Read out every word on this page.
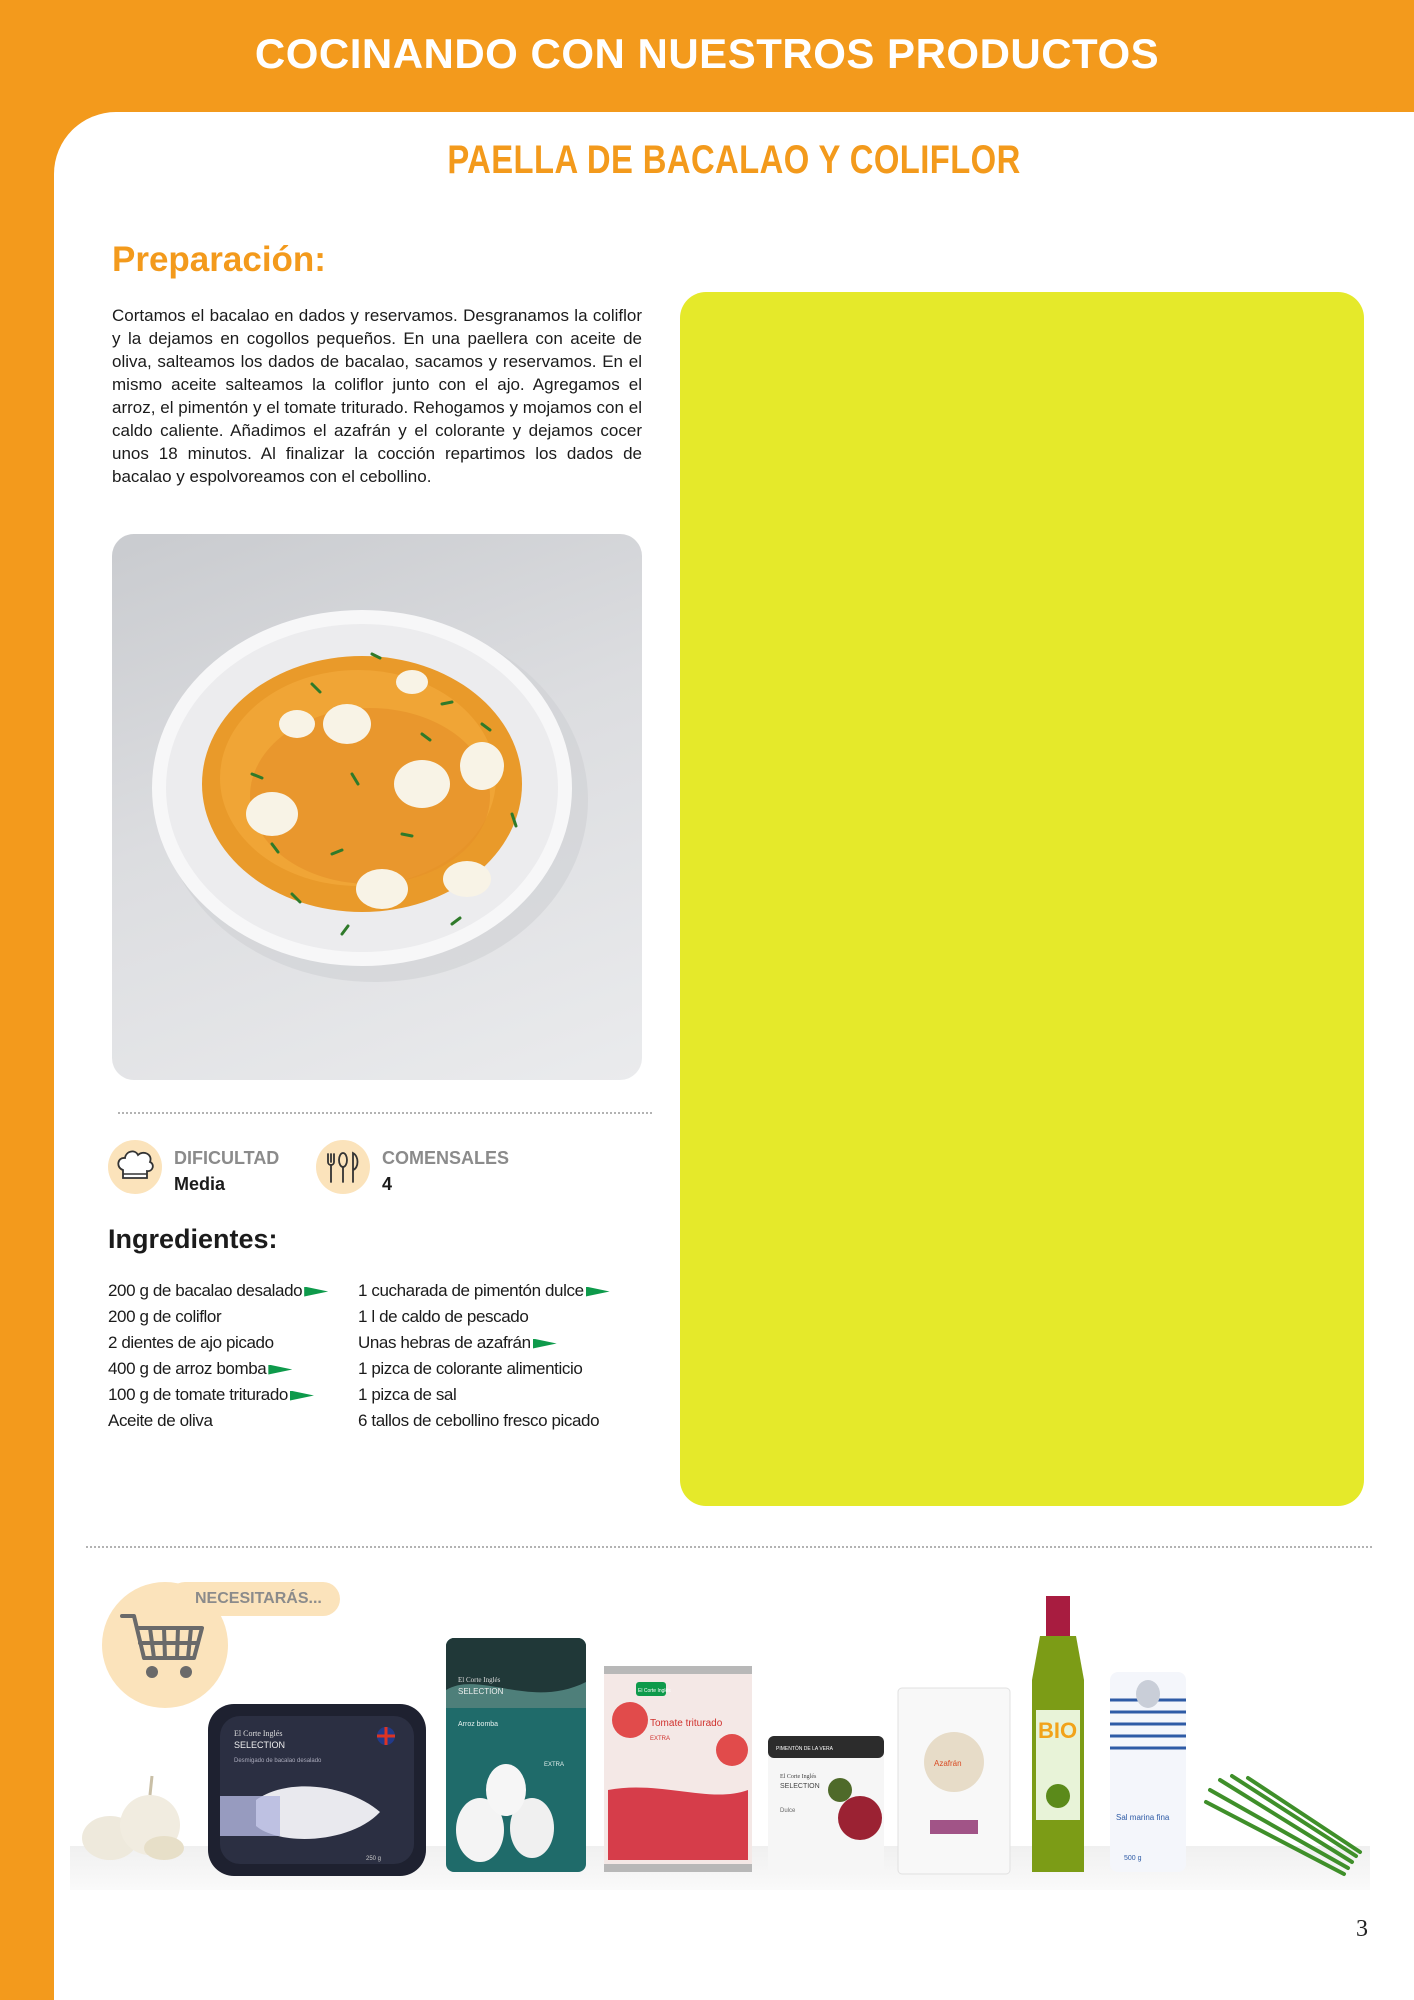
COCINANDO CON NUESTROS PRODUCTOS
PAELLA DE BACALAO Y COLIFLOR
Preparación:

Cortamos el bacalao en dados y reservamos. Desgranamos la coliflor y la dejamos en cogollos pequeños. En una paellera con aceite de oliva, salteamos los dados de bacalao, sacamos y reservamos. En el mismo aceite salteamos la coliflor junto con el ajo. Agregamos el arroz, el pimentón y el tomate triturado. Rehogamos y mojamos con el caldo caliente. Añadimos el azafrán y el colorante y dejamos cocer unos 18 minutos. Al finalizar la cocción repartimos los dados de bacalao y espolvoreamos con el cebollino.

DIFICULTAD
Media
COMENSALES
4
Ingredientes:
200 g de bacalao desalado
200 g de coliflor
2 dientes de ajo picado
400 g de arroz bomba
100 g de tomate triturado
Aceite de oliva
1 cucharada de pimentón dulce
1 l de caldo de pescado
Unas hebras de azafrán
1 pizca de colorante alimenticio
1 pizca de sal
6 tallos de cebollino fresco picado
NECESITARÁS...
El Corte Inglés
SELECTION
Desmigado de bacalao desalado
250 g
El Corte Inglés
SELECTION
Arroz bomba
EXTRA
El Corte Inglés
Tomate triturado
EXTRA
PIMENTÓN DE LA VERA
El Corte Inglés
SELECTION
Dulce
Azafrán
BIO
Sal marina fina
500 g
3
